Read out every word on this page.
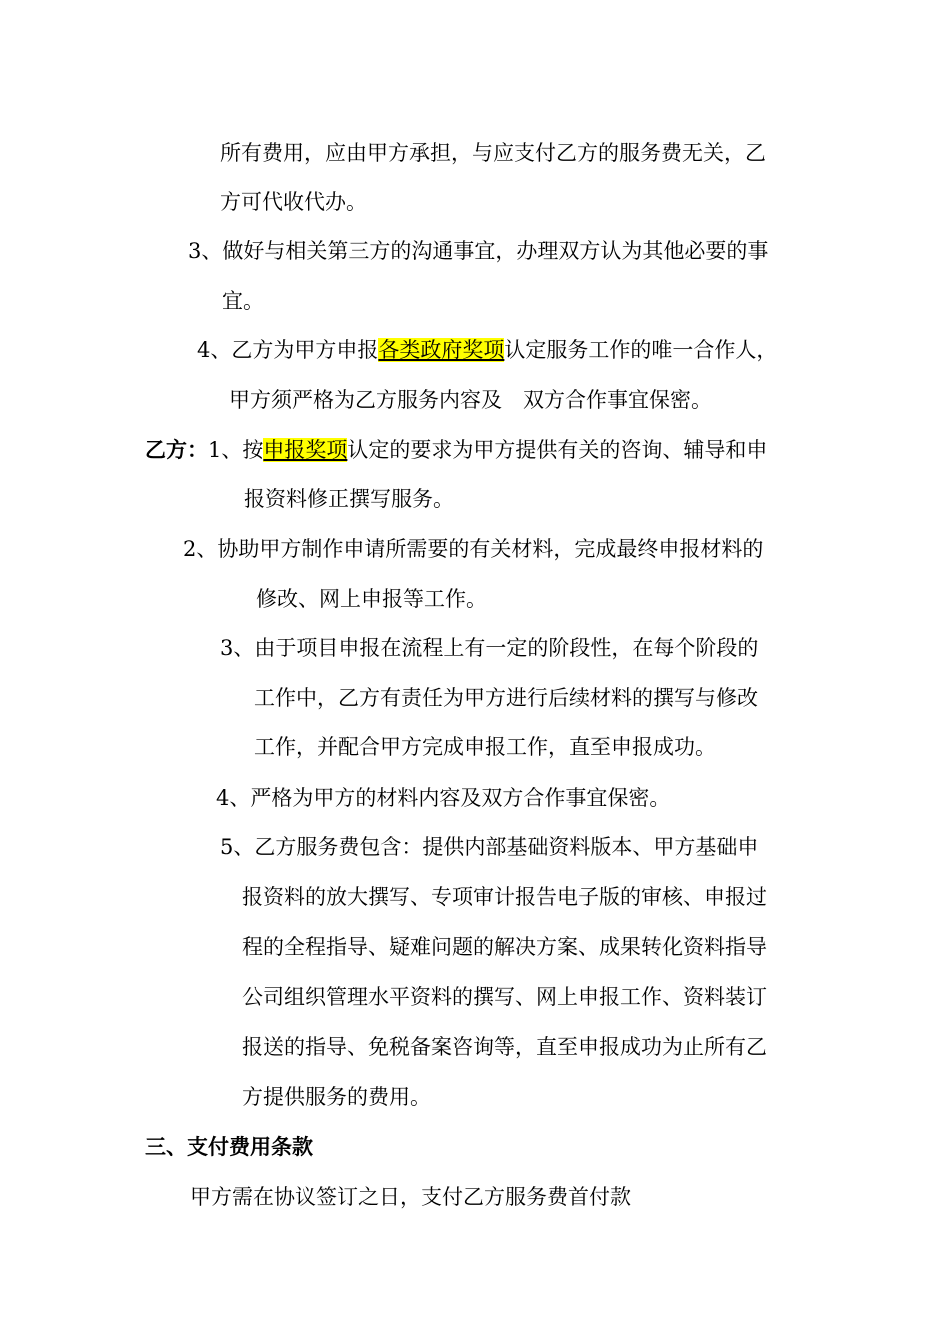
所有费用，应由甲方承担，与应支付乙方的服务费无关，乙
方可代收代办。
3、做好与相关第三方的沟通事宜，办理双方认为其他必要的事
宜。
4、乙方为甲方申报各类政府奖项认定服务工作的唯一合作人，
甲方须严格为乙方服务内容及　双方合作事宜保密。
乙方：1、按申报奖项认定的要求为甲方提供有关的咨询、辅导和申
报资料修正撰写服务。
2、协助甲方制作申请所需要的有关材料，完成最终申报材料的
修改、网上申报等工作。
3、由于项目申报在流程上有一定的阶段性，在每个阶段的
工作中，乙方有责任为甲方进行后续材料的撰写与修改
工作，并配合甲方完成申报工作，直至申报成功。
4、严格为甲方的材料内容及双方合作事宜保密。
5、乙方服务费包含：提供内部基础资料版本、甲方基础申
报资料的放大撰写、专项审计报告电子版的审核、申报过
程的全程指导、疑难问题的解决方案、成果转化资料指导
公司组织管理水平资料的撰写、网上申报工作、资料装订
报送的指导、免税备案咨询等，直至申报成功为止所有乙
方提供服务的费用。
三、支付费用条款
甲方需在协议签订之日，支付乙方服务费首付款
